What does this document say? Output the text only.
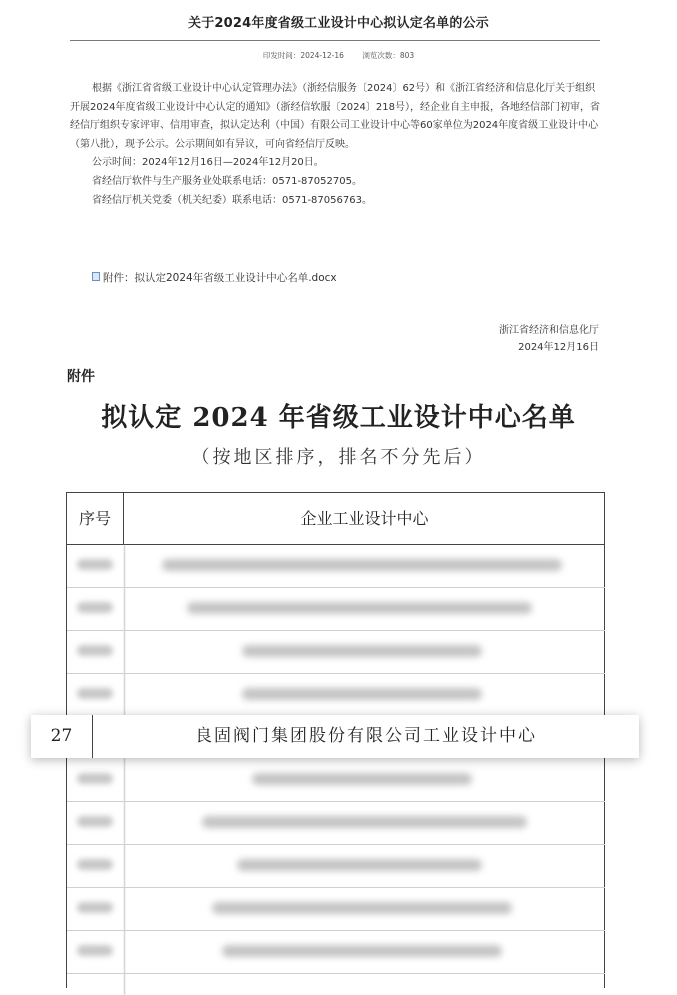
关于2024年度省级工业设计中心拟认定名单的公示
印发时间：2024-12-16 浏览次数：803

根据《浙江省省级工业设计中心认定管理办法》（浙经信服务〔2024〕62号）和《浙江省经济和信息化厅关于组织开展2024年度省级工业设计中心认定的通知》（浙经信软服〔2024〕218号），经企业自主申报，各地经信部门初审，省经信厅组织专家评审、信用审查，拟认定达利（中国）有限公司工业设计中心等60家单位为2024年度省级工业设计中心（第八批），现予公示。公示期间如有异议，可向省经信厅反映。

公示时间：2024年12月16日—2024年12月20日。

省经信厅软件与生产服务业处联系电话：0571-87052705。

省经信厅机关党委（机关纪委）联系电话：0571-87056763。

附件：拟认定2024年省级工业设计中心名单.docx
浙江省经济和信息化厅
2024年12月16日
附件
拟认定 2024 年省级工业设计中心名单
（按地区排序，排名不分先后）
序号	企业工业设计中心
27	良固阀门集团股份有限公司工业设计中心
